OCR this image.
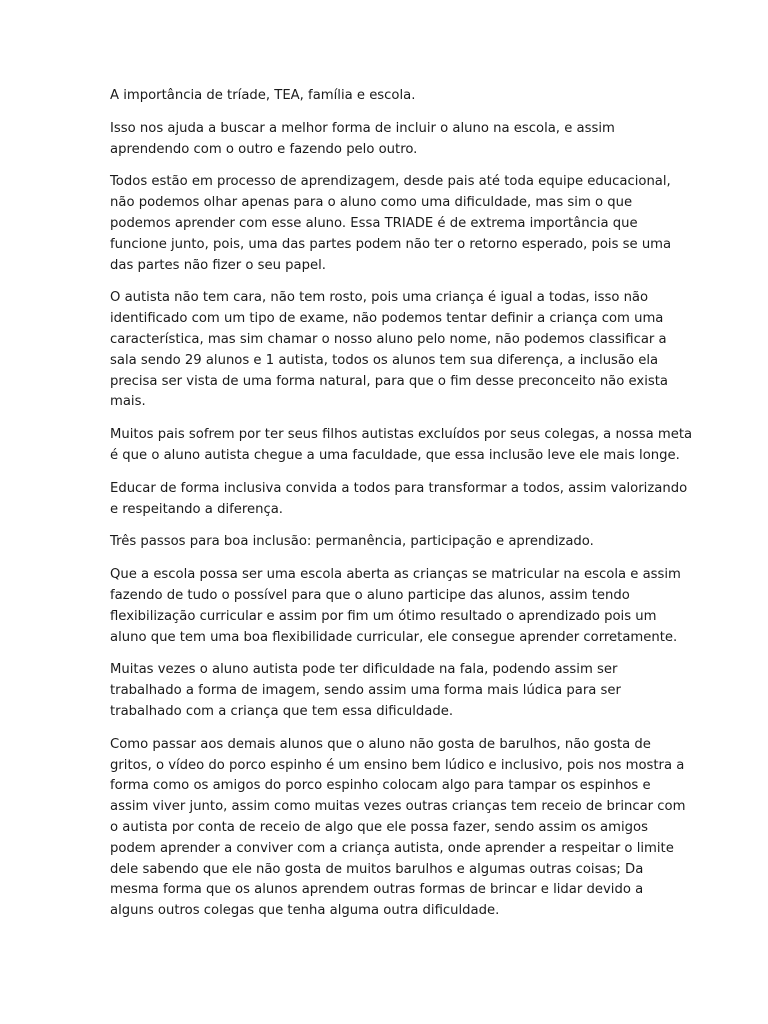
A importância de tríade, TEA, família e escola.

Isso nos ajuda a buscar a melhor forma de incluir o aluno na escola, e assim
aprendendo com o outro e fazendo pelo outro.

Todos estão em processo de aprendizagem, desde pais até toda equipe educacional,
não podemos olhar apenas para o aluno como uma dificuldade, mas sim o que
podemos aprender com esse aluno. Essa TRIADE é de extrema importância que
funcione junto, pois, uma das partes podem não ter o retorno esperado, pois se uma
das partes não fizer o seu papel.

O autista não tem cara, não tem rosto, pois uma criança é igual a todas, isso não
identificado com um tipo de exame, não podemos tentar definir a criança com uma
característica, mas sim chamar o nosso aluno pelo nome, não podemos classificar a
sala sendo 29 alunos e 1 autista, todos os alunos tem sua diferença, a inclusão ela
precisa ser vista de uma forma natural, para que o fim desse preconceito não exista
mais.

Muitos pais sofrem por ter seus filhos autistas excluídos por seus colegas, a nossa meta
é que o aluno autista chegue a uma faculdade, que essa inclusão leve ele mais longe.

Educar de forma inclusiva convida a todos para transformar a todos, assim valorizando
e respeitando a diferença.

Três passos para boa inclusão: permanência, participação e aprendizado.

Que a escola possa ser uma escola aberta as crianças se matricular na escola e assim
fazendo de tudo o possível para que o aluno participe das alunos, assim tendo
flexibilização curricular e assim por fim um ótimo resultado o aprendizado pois um
aluno que tem uma boa flexibilidade curricular, ele consegue aprender corretamente.

Muitas vezes o aluno autista pode ter dificuldade na fala, podendo assim ser
trabalhado a forma de imagem, sendo assim uma forma mais lúdica para ser
trabalhado com a criança que tem essa dificuldade.

Como passar aos demais alunos que o aluno não gosta de barulhos, não gosta de
gritos, o vídeo do porco espinho é um ensino bem lúdico e inclusivo, pois nos mostra a
forma como os amigos do porco espinho colocam algo para tampar os espinhos e
assim viver junto, assim como muitas vezes outras crianças tem receio de brincar com
o autista por conta de receio de algo que ele possa fazer, sendo assim os amigos
podem aprender a conviver com a criança autista, onde aprender a respeitar o limite
dele sabendo que ele não gosta de muitos barulhos e algumas outras coisas; Da
mesma forma que os alunos aprendem outras formas de brincar e lidar devido a
alguns outros colegas que tenha alguma outra dificuldade.
